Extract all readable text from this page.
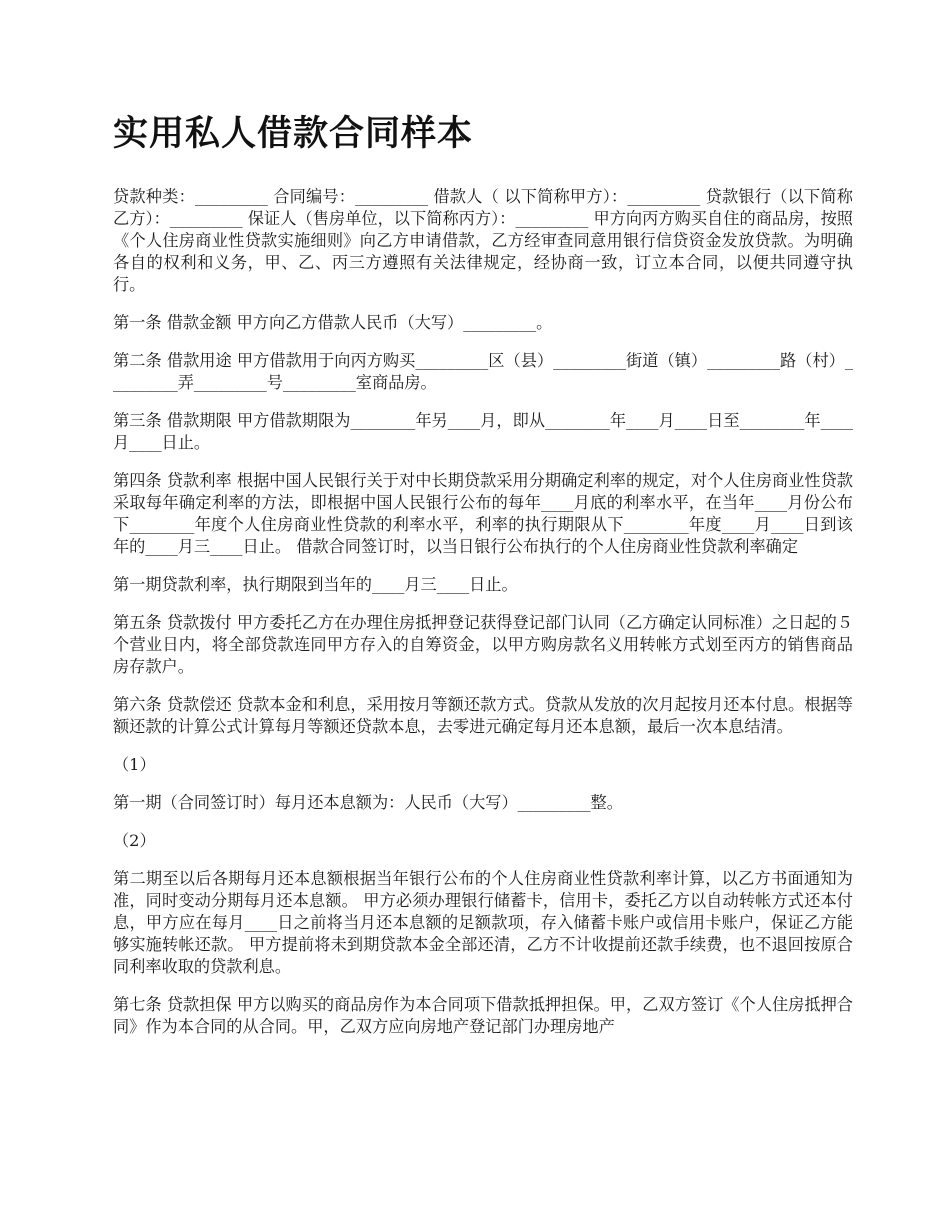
实用私人借款合同样本

贷款种类：_________ 合同编号：_________ 借款人（ 以下简称甲方）：_________ 贷款银行（以下简称乙方）：_________ 保证人（售房单位，以下简称丙方）：_________ 甲方向丙方购买自住的商品房，按照《个人住房商业性贷款实施细则》向乙方申请借款，乙方经审查同意用银行信贷资金发放贷款。为明确各自的权利和义务，甲、乙、丙三方遵照有关法律规定，经协商一致，订立本合同，以便共同遵守执行。

第一条 借款金额 甲方向乙方借款人民币（大写）_________。

第二条 借款用途 甲方借款用于向丙方购买_________区（县）_________街道（镇）_________路（村）_________弄_________号_________室商品房。

第三条 借款期限 甲方借款期限为________年另____月，即从________年____月____日至________年____月____日止。

第四条 贷款利率 根据中国人民银行关于对中长期贷款采用分期确定利率的规定，对个人住房商业性贷款采取每年确定利率的方法，即根据中国人民银行公布的每年____月底的利率水平，在当年____月份公布下________年度个人住房商业性贷款的利率水平，利率的执行期限从下________年度____月____日到该年的____月三____日止。 借款合同签订时，以当日银行公布执行的个人住房商业性贷款利率确定

第一期贷款利率，执行期限到当年的____月三____日止。

第五条 贷款拨付 甲方委托乙方在办理住房抵押登记获得登记部门认同（乙方确定认同标准）之日起的５个营业日内，将全部贷款连同甲方存入的自筹资金，以甲方购房款名义用转帐方式划至丙方的销售商品房存款户。

第六条 贷款偿还 贷款本金和利息，采用按月等额还款方式。贷款从发放的次月起按月还本付息。根据等额还款的计算公式计算每月等额还贷款本息，去零进元确定每月还本息额，最后一次本息结清。

（1）

第一期（合同签订时）每月还本息额为：人民币（大写）_________整。

（2）

第二期至以后各期每月还本息额根据当年银行公布的个人住房商业性贷款利率计算，以乙方书面通知为准，同时变动分期每月还本息额。 甲方必须办理银行储蓄卡，信用卡，委托乙方以自动转帐方式还本付息，甲方应在每月____日之前将当月还本息额的足额款项，存入储蓄卡账户或信用卡账户，保证乙方能够实施转帐还款。 甲方提前将未到期贷款本金全部还清，乙方不计收提前还款手续费，也不退回按原合同利率收取的贷款利息。

第七条 贷款担保 甲方以购买的商品房作为本合同项下借款抵押担保。甲，乙双方签订《个人住房抵押合同》作为本合同的从合同。甲，乙双方应向房地产登记部门办理房地产
